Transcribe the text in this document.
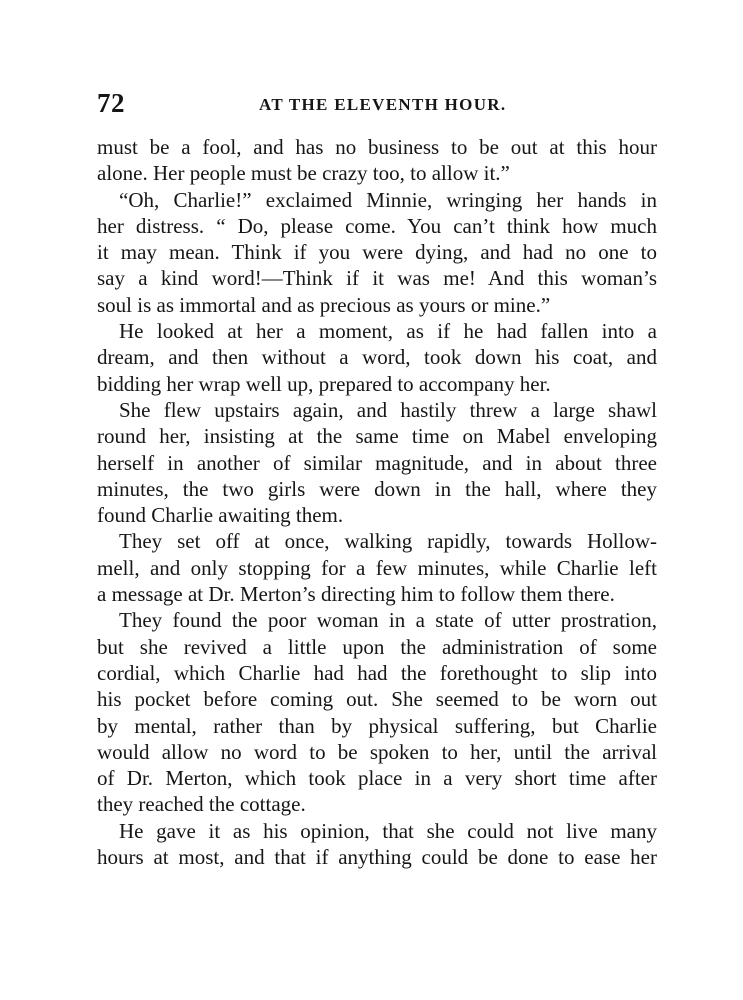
72	AT THE ELEVENTH HOUR.
must be a fool, and has no business to be out at this hour
alone. Her people must be crazy too, to allow it.”
“Oh, Charlie!” exclaimed Minnie, wringing her hands in
her distress. “ Do, please come. You can’t think how much
it may mean. Think if you were dying, and had no one to
say a kind word!—Think if it was me! And this woman’s
soul is as immortal and as precious as yours or mine.”
He looked at her a moment, as if he had fallen into a
dream, and then without a word, took down his coat, and
bidding her wrap well up, prepared to accompany her.
She flew upstairs again, and hastily threw a large shawl
round her, insisting at the same time on Mabel enveloping
herself in another of similar magnitude, and in about three
minutes, the two girls were down in the hall, where they
found Charlie awaiting them.
They set off at once, walking rapidly, towards Hollow-
mell, and only stopping for a few minutes, while Charlie left
a message at Dr. Merton’s directing him to follow them there.
They found the poor woman in a state of utter prostration,
but she revived a little upon the administration of some
cordial, which Charlie had had the forethought to slip into
his pocket before coming out. She seemed to be worn out
by mental, rather than by physical suffering, but Charlie
would allow no word to be spoken to her, until the arrival
of Dr. Merton, which took place in a very short time after
they reached the cottage.
He gave it as his opinion, that she could not live many
hours at most, and that if anything could be done to ease her
